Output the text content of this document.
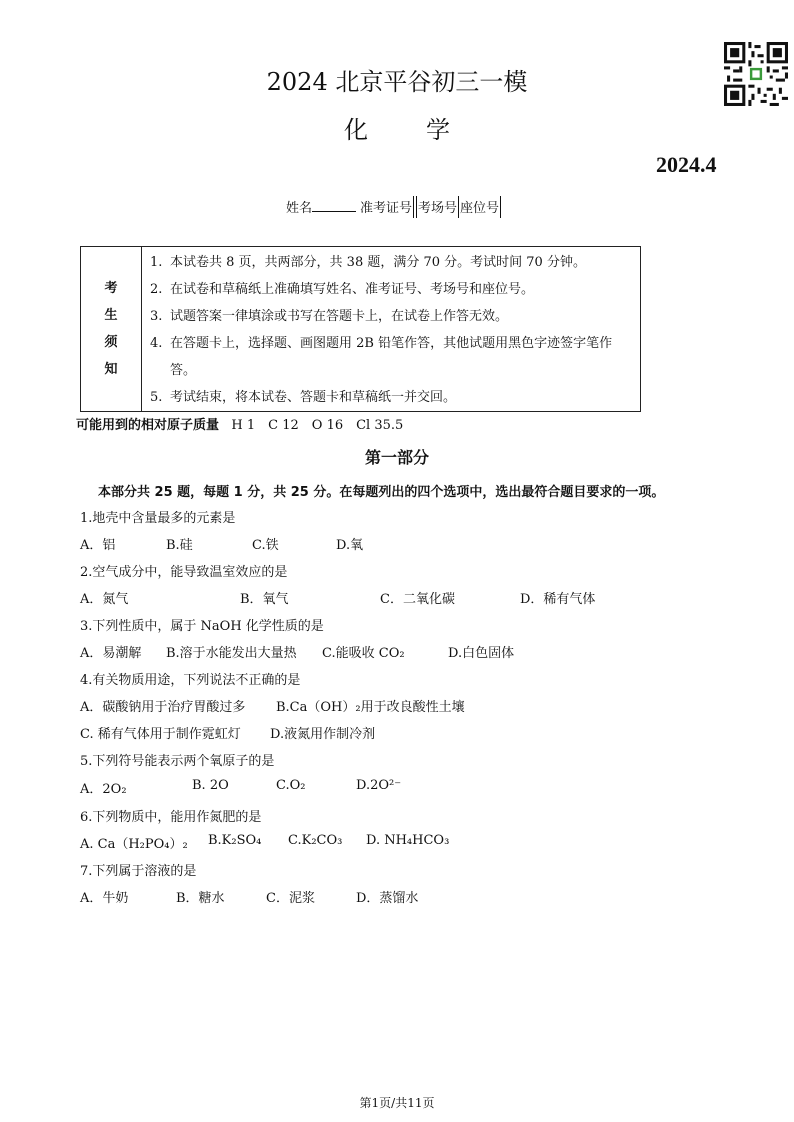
2024 北京平谷初三一模
化 学
2024.4
姓名	准考证号 考场号 座位号
考
生
须
知

1. 本试卷共 8 页，共两部分，共 38 题，满分 70 分。考试时间 70 分钟。
2. 在试卷和草稿纸上准确填写姓名、准考证号、考场号和座位号。
3. 试题答案一律填涂或书写在答题卡上，在试卷上作答无效。
4. 在答题卡上，选择题、画图题用 2B 铅笔作答，其他试题用黑色字迹签字笔作答。
5. 考试结束，将本试卷、答题卡和草稿纸一并交回。
可能用到的相对原子质量 H 1　C 12　O 16　Cl 35.5
第一部分
本部分共 25 题，每题 1 分，共 25 分。在每题列出的四个选项中，选出最符合题目要求的一项。
1.地壳中含量最多的元素是
A．铝	B.硅	C.铁	D.氧
2.空气成分中，能导致温室效应的是
A．氮气	B．氧气	C．二氧化碳	D．稀有气体
3.下列性质中，属于 NaOH 化学性质的是
A．易潮解 B.溶于水能发出大量热 C.能吸收 CO₂	D.白色固体
4.有关物质用途，下列说法不正确的是
A．碳酸钠用于治疗胃酸过多 B.Ca（OH）₂用于改良酸性土壤
C. 稀有气体用于制作霓虹灯 D.液氮用作制冷剂
5.下列符号能表示两个氧原子的是
A．2O₂	B. 2O	C.O₂	D.2O²⁻
6.下列物质中，能用作氮肥的是
A. Ca（H₂PO₄）₂ B.K₂SO₄ C.K₂CO₃ D. NH₄HCO₃
7.下列属于溶液的是
A．牛奶	B．糖水	C．泥浆	D．蒸馏水
第1页/共11页
